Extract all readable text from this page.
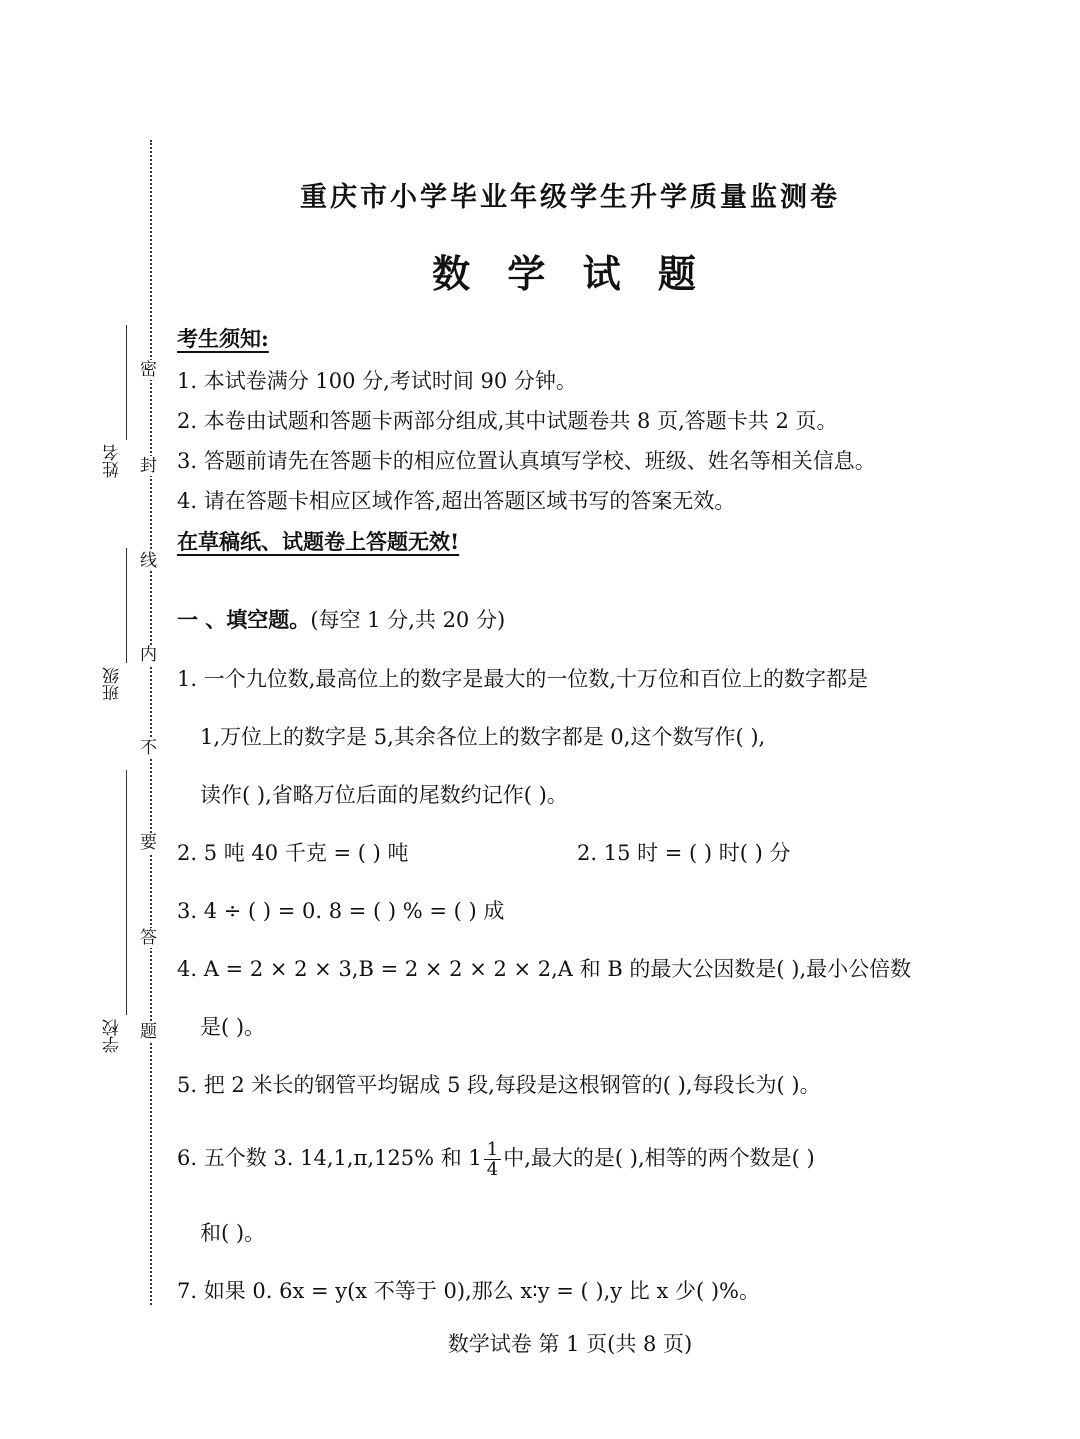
密
封
线
内
不
要
答
题
姓名
班级
学校
重庆市小学毕业年级学生升学质量监测卷
数 学 试 题
考生须知:
1. 本试卷满分 100 分,考试时间 90 分钟。
2. 本卷由试题和答题卡两部分组成,其中试题卷共 8 页,答题卡共 2 页。
3. 答题前请先在答题卡的相应位置认真填写学校、班级、姓名等相关信息。
4. 请在答题卡相应区域作答,超出答题区域书写的答案无效。
在草稿纸、试题卷上答题无效!
一 、填空题。(每空 1 分,共 20 分)
1. 一个九位数,最高位上的数字是最大的一位数,十万位和百位上的数字都是
1,万位上的数字是 5,其余各位上的数字都是 0,这个数写作( ),
读作( ),省略万位后面的尾数约记作( )。
2. 5 吨 40 千克 = ( ) 吨	2. 15 时 = ( ) 时( ) 分
3. 4 ÷ ( ) = 0. 8 = ( ) % = ( ) 成
4. A = 2 × 2 × 3,B = 2 × 2 × 2 × 2,A 和 B 的最大公因数是( ),最小公倍数
是( )。
5. 把 2 米长的钢管平均锯成 5 段,每段是这根钢管的( ),每段长为( )。
6. 五个数 3. 14,1,π,125% 和 $1 \frac{1}{4}$ 中,最大的是( ),相等的两个数是( )
和( )。
7. 如果 0. 6x = y(x 不等于 0),那么 x∶y = ( ),y 比 x 少( )%。
数学试卷 第 1 页(共 8 页)
